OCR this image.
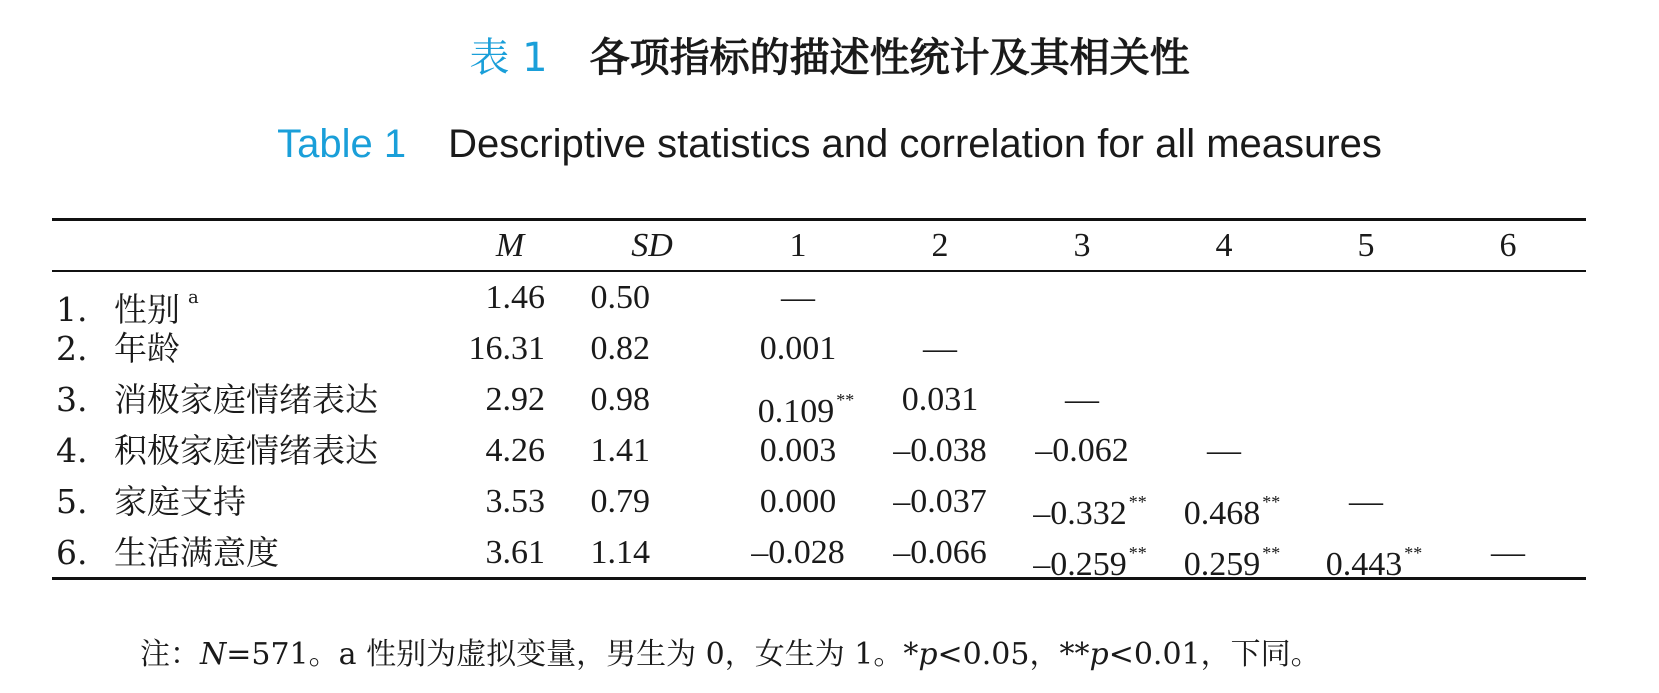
表 1 各项指标的描述性统计及其相关性
Table 1 Descriptive statistics and correlation for all measures
M	SD	1	2	3	4	5	6
1. 性别 $^a$	1.46 0.50	—
2. 年龄	16.31 0.82	0.001	—
3. 消极家庭情绪表达	2.92 0.98	0.109 ** 0.031	—
4. 积极家庭情绪表达	4.26 1.41	0.003 –0.038 –0.062 —
5. 家庭支持	3.53 0.79	0.000 –0.037 –0.332 ** 0.468 ** —
6. 生活满意度	3.61 1.14	–0.028 –0.066 –0.259 ** 0.259 ** 0.443 ** —
注：N=571。a 性别为虚拟变量，男生为 0，女生为 1。*p<0.05，**p<0.01，下同。
